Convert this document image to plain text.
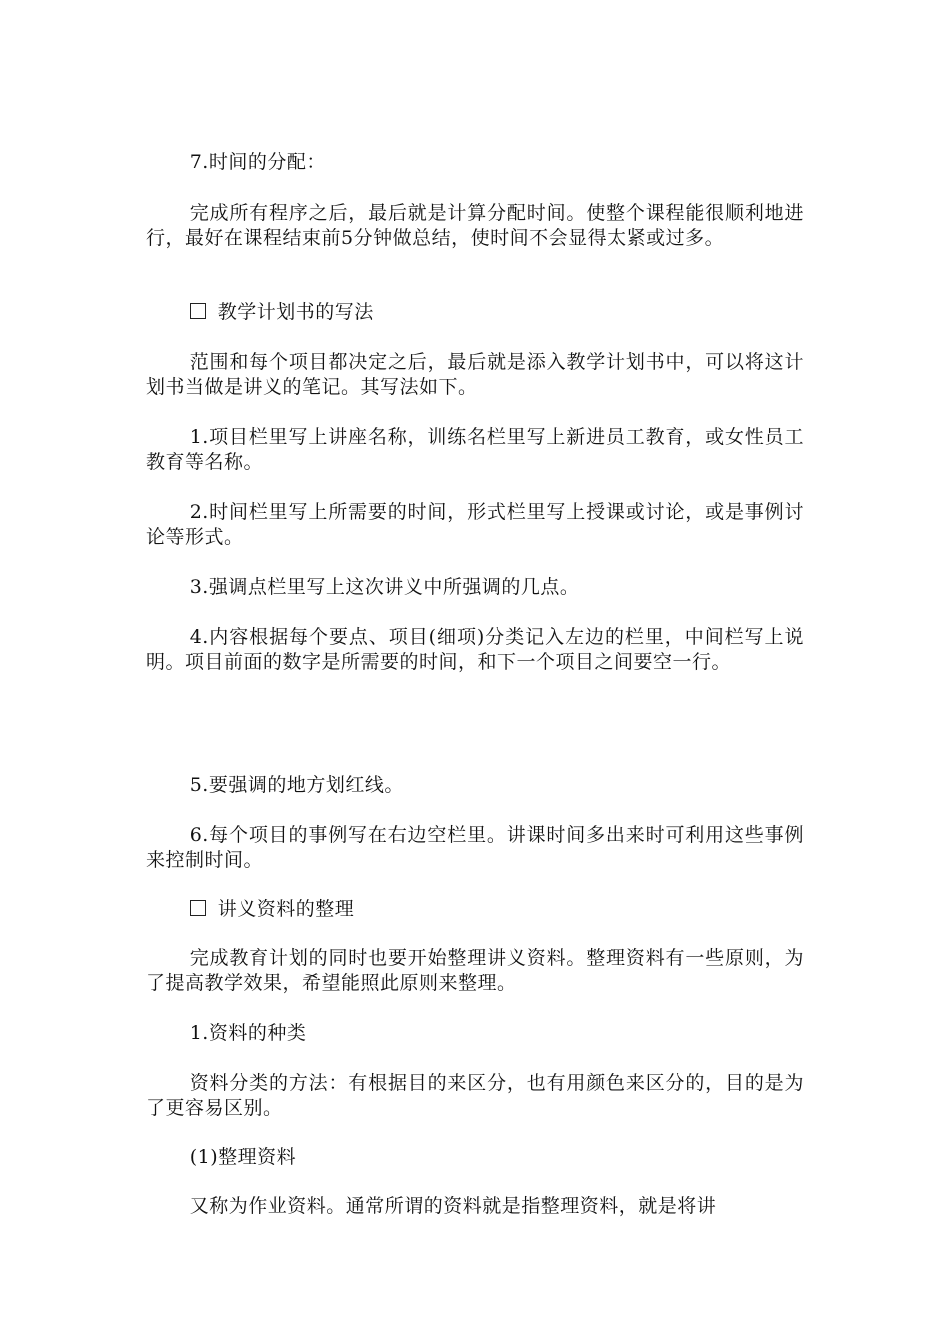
7.时间的分配：

完成所有程序之后，最后就是计算分配时间。使整个课程能很顺利地进行，最好在课程结束前5分钟做总结，使时间不会显得太紧或过多。

教学计划书的写法

范围和每个项目都决定之后，最后就是添入教学计划书中，可以将这计划书当做是讲义的笔记。其写法如下。

1.项目栏里写上讲座名称，训练名栏里写上新进员工教育，或女性员工教育等名称。

2.时间栏里写上所需要的时间，形式栏里写上授课或讨论，或是事例讨论等形式。

3.强调点栏里写上这次讲义中所强调的几点。

4.内容根据每个要点、项目(细项)分类记入左边的栏里，中间栏写上说明。项目前面的数字是所需要的时间，和下一个项目之间要空一行。

5.要强调的地方划红线。

6.每个项目的事例写在右边空栏里。讲课时间多出来时可利用这些事例来控制时间。

讲义资料的整理

完成教育计划的同时也要开始整理讲义资料。整理资料有一些原则，为了提高教学效果，希望能照此原则来整理。

1.资料的种类

资料分类的方法：有根据目的来区分，也有用颜色来区分的，目的是为了更容易区别。

(1)整理资料

又称为作业资料。通常所谓的资料就是指整理资料，就是将讲
